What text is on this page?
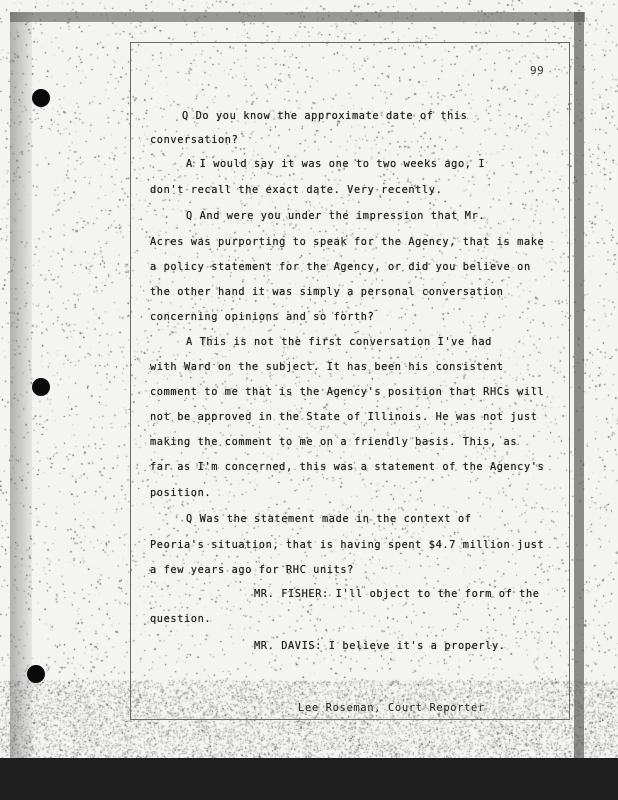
99
Q Do you know the approximate date of this
conversation?
A I would say it was one to two weeks ago, I
don't recall the exact date. Very recently.
Q And were you under the impression that Mr.
Acres was purporting to speak for the Agency, that is make
a policy statement for the Agency, or did you believe on
the other hand it was simply a personal conversation
concerning opinions and so forth?
A This is not the first conversation I've had
with Ward on the subject. It has been his consistent
comment to me that is the Agency's position that RHCs will
not be approved in the State of Illinois. He was not just
making the comment to me on a friendly basis. This, as
far as I'm concerned, this was a statement of the Agency's
position.
Q Was the statement made in the context of
Peoria's situation, that is having spent $4.7 million just
a few years ago for RHC units?
MR. FISHER: I'll object to the form of the
question.
MR. DAVIS: I believe it's a properly.
Lee Roseman, Court Reporter
